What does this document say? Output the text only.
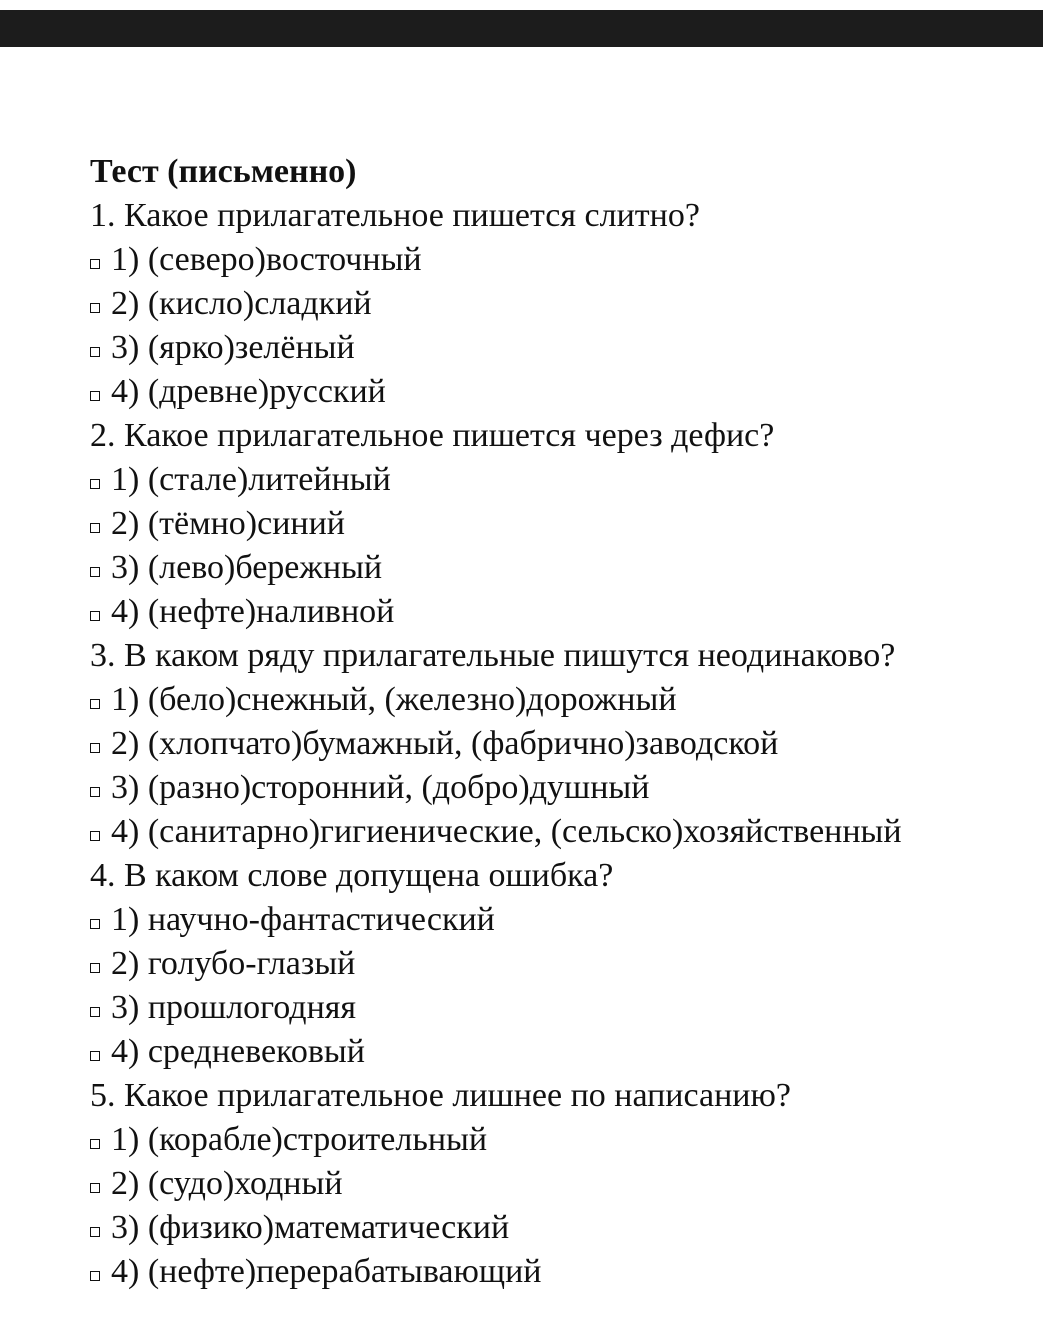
Тест (письменно)
1. Какое прилагательное пишется слитно?
1) (северо)восточный
2) (кисло)сладкий
3) (ярко)зелёный
4) (древне)русский
2. Какое прилагательное пишется через дефис?
1) (стале)литейный
2) (тёмно)синий
3) (лево)бережный
4) (нефте)наливной
3. В каком ряду прилагательные пишутся неодинаково?
1) (бело)снежный, (железно)дорожный
2) (хлопчато)бумажный, (фабрично)заводской
3) (разно)сторонний, (добро)душный
4) (санитарно)гигиенические, (сельско)хозяйственный
4. В каком слове допущена ошибка?
1) научно-фантастический
2) голубо-глазый
3) прошлогодняя
4) средневековый
5. Какое прилагательное лишнее по написанию?
1) (корабле)строительный
2) (судо)ходный
3) (физико)математический
4) (нефте)перерабатывающий
